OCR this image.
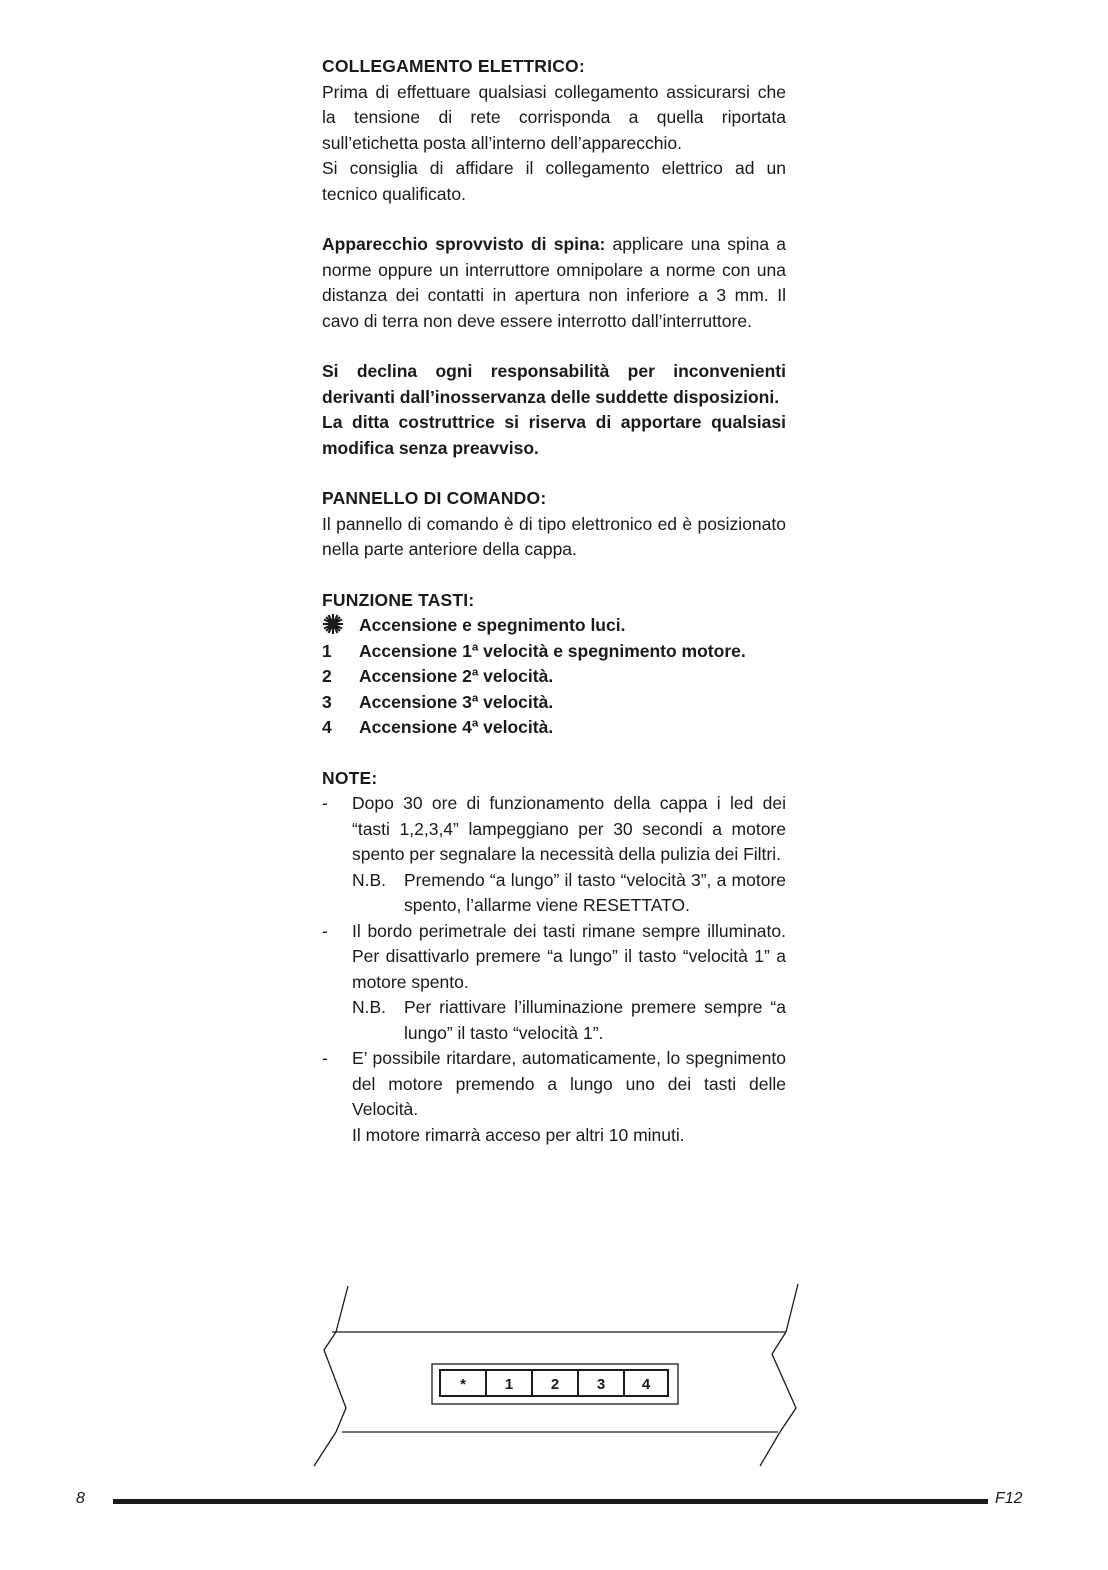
COLLEGAMENTO ELETTRICO:

Prima di effettuare qualsiasi collegamento assicurarsi che la tensione di rete corrisponda a quella riportata sull’etichetta posta all’interno dell’apparecchio.

Si consiglia di affidare il collegamento elettrico ad un tecnico qualificato.

Apparecchio sprovvisto di spina: applicare una spina a norme oppure un interruttore omnipolare a norme con una distanza dei contatti in apertura non inferiore a 3 mm. Il cavo di terra non deve essere interrotto dall’interruttore.

Si declina ogni responsabilità per inconvenienti derivanti dall’inosservanza delle suddette disposizioni.

La ditta costruttrice si riserva di apportare qualsiasi modifica senza preavviso.

PANNELLO DI COMANDO:

Il pannello di comando è di tipo elettronico ed è posizionato nella parte anteriore della cappa.

FUNZIONE TASTI:

Accensione e spegnimento luci.
1	Accensione 1ª velocità e spegnimento motore.
2	Accensione 2ª velocità.
3	Accensione 3ª velocità.
4	Accensione 4ª velocità.

NOTE:

-	Dopo 30 ore di funzionamento della cappa i led dei “tasti 1,2,3,4” lampeggiano per 30 secondi a motore spento per segnalare la necessità della pulizia dei Filtri.
N.B.	Premendo “a lungo” il tasto “velocità 3”, a motore spento, l’allarme viene RESETTATO.
-	Il bordo perimetrale dei tasti rimane sempre illuminato. Per disattivarlo premere “a lungo” il tasto “velocità 1” a motore spento.
N.B.	Per riattivare l’illuminazione premere sempre “a lungo” il tasto “velocità 1”.
-	E’ possibile ritardare, automaticamente, lo spegnimento del motore premendo a lungo uno dei tasti delle Velocità.
Il motore rimarrà acceso per altri 10 minuti.
*	1	2	3 4
8	F12
